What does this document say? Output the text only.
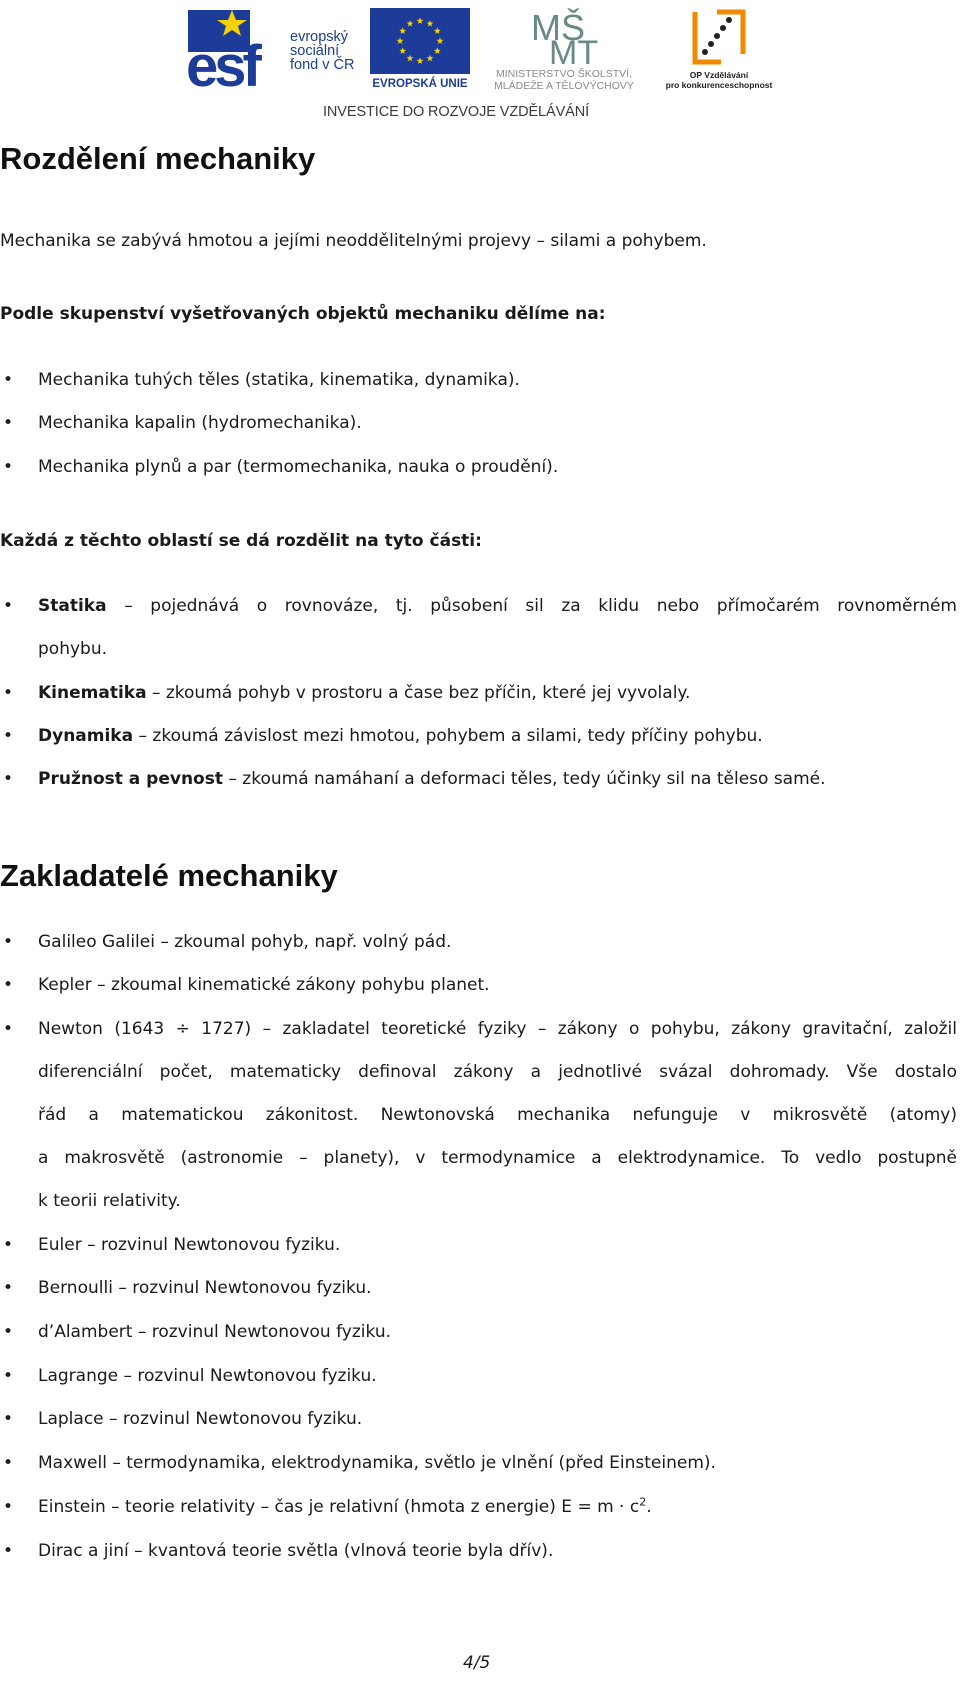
esf	evropský
sociální
fond v ČR
EVROPSKÁ UNIE
MŠ
MT
MINISTERSTVO ŠKOLSTVÍ,
MLÁDEŽE A TĚLOVÝCHOVY
OP Vzdělávání
pro konkurenceschopnost
INVESTICE DO ROZVOJE VZDĚLÁVÁNÍ
Rozdělení mechaniky
Mechanika se zabývá hmotou a jejími neoddělitelnými projevy – silami a pohybem.
Podle skupenství vyšetřovaných objektů mechaniku dělíme na:
• Mechanika tuhých těles (statika, kinematika, dynamika).
• Mechanika kapalin (hydromechanika).
• Mechanika plynů a par (termomechanika, nauka o proudění).
Každá z těchto oblastí se dá rozdělit na tyto části:
• Statika – pojednává o rovnováze, tj. působení sil za klidu nebo přímočarém rovnoměrném
pohybu.
• Kinematika – zkoumá pohyb v prostoru a čase bez příčin, které jej vyvolaly.
• Dynamika – zkoumá závislost mezi hmotou, pohybem a silami, tedy příčiny pohybu.
• Pružnost a pevnost – zkoumá namáhaní a deformaci těles, tedy účinky sil na těleso samé.
Zakladatelé mechaniky
• Galileo Galilei – zkoumal pohyb, např. volný pád.
• Kepler – zkoumal kinematické zákony pohybu planet.
• Newton (1643 ÷ 1727) – zakladatel teoretické fyziky – zákony o pohybu, zákony gravitační, založil
diferenciální počet, matematicky definoval zákony a jednotlivé svázal dohromady. Vše dostalo
řád a matematickou zákonitost. Newtonovská mechanika nefunguje v mikrosvětě (atomy)
a makrosvětě (astronomie – planety), v termodynamice a elektrodynamice. To vedlo postupně
k teorii relativity.
• Euler – rozvinul Newtonovou fyziku.
• Bernoulli – rozvinul Newtonovou fyziku.
• d’Alambert – rozvinul Newtonovou fyziku.
• Lagrange – rozvinul Newtonovou fyziku.
• Laplace – rozvinul Newtonovou fyziku.
• Maxwell – termodynamika, elektrodynamika, světlo je vlnění (před Einsteinem).
• Einstein – teorie relativity – čas je relativní (hmota z energie) $E = m \cdot c^2$.
• Dirac a jiní – kvantová teorie světla (vlnová teorie byla dřív).
4/5
